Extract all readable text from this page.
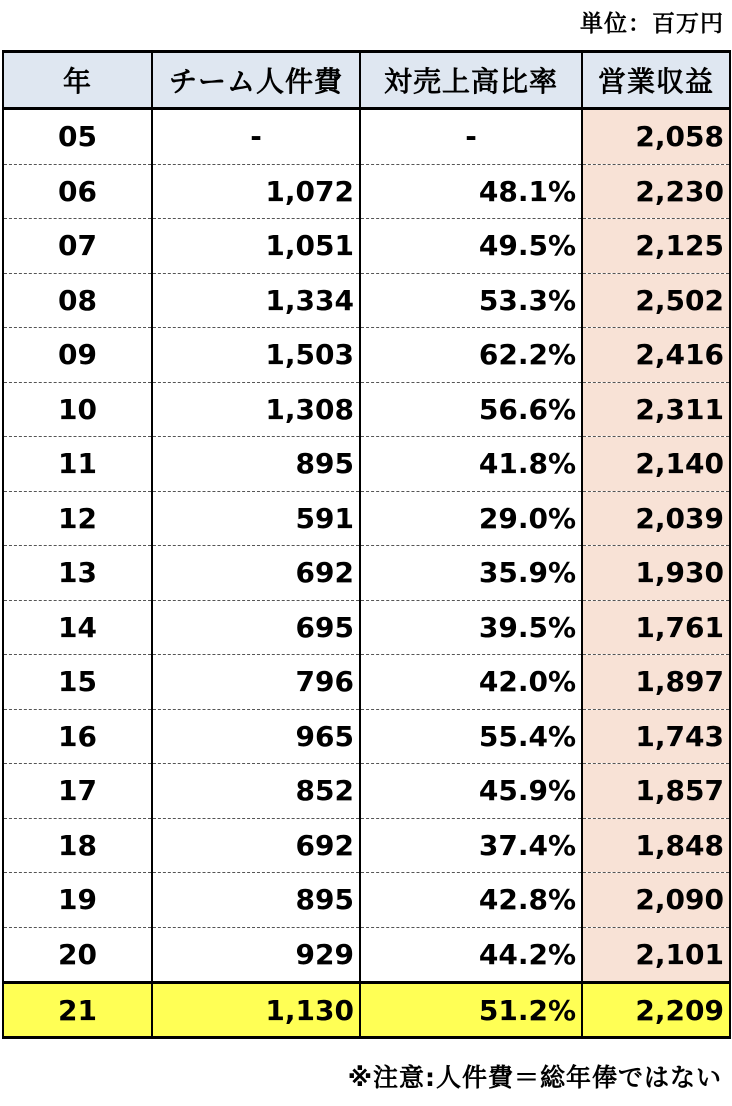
単位：百万円
年	チーム人件費	対売上高比率	営業収益
05	-	-	2,058
06	1,072	48.1%	2,230
07	1,051	49.5%	2,125
08	1,334	53.3%	2,502
09	1,503	62.2%	2,416
10	1,308	56.6%	2,311
11	895	41.8%	2,140
12	591	29.0%	2,039
13	692	35.9%	1,930
14	695	39.5%	1,761
15	796	42.0%	1,897
16	965	55.4%	1,743
17	852	45.9%	1,857
18	692	37.4%	1,848
19	895	42.8%	2,090
20	929	44.2%	2,101
21	1,130	51.2%	2,209
※注意:人件費＝総年俸ではない
